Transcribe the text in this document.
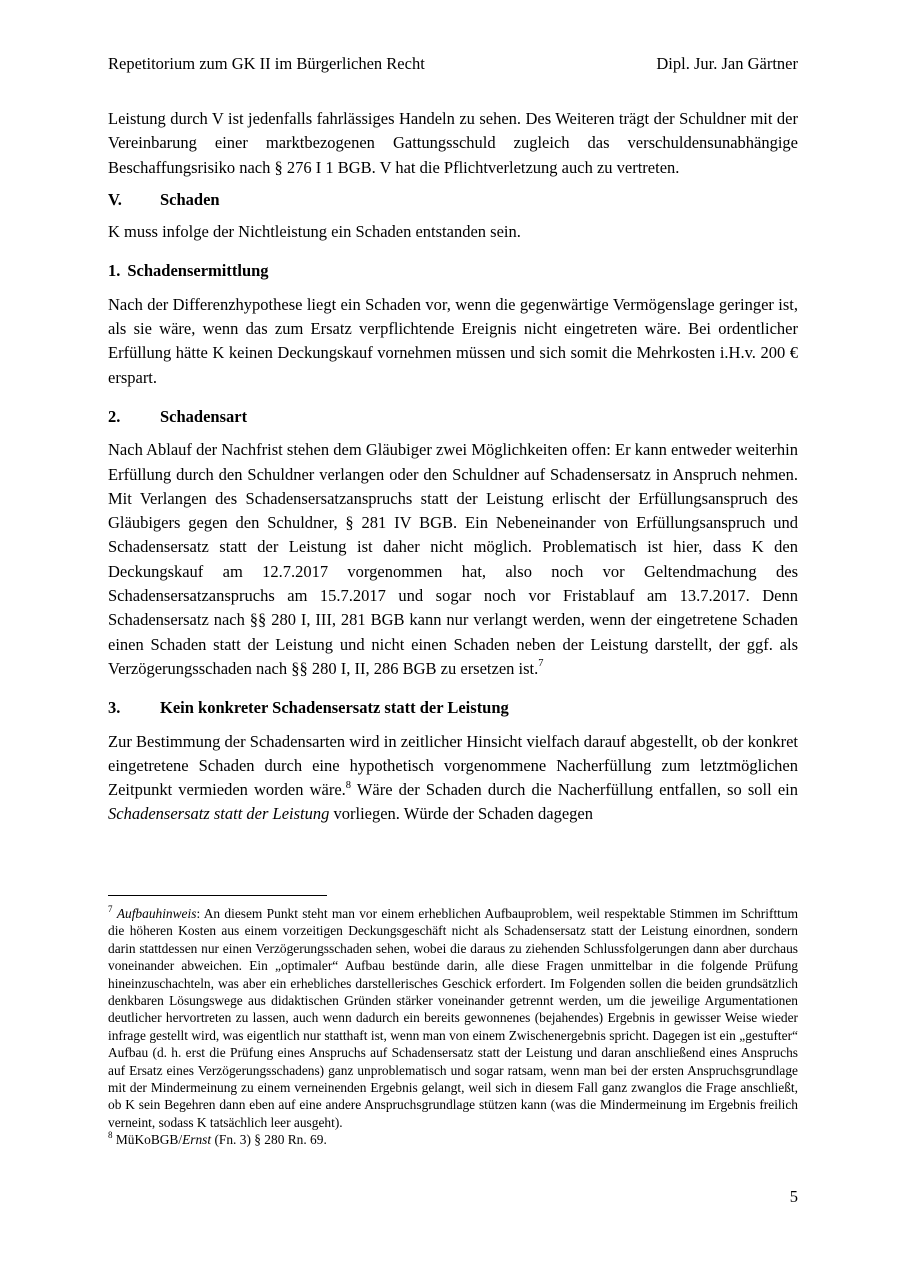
Repetitorium zum GK II im Bürgerlichen Recht	Dipl. Jur. Jan Gärtner

Leistung durch V ist jedenfalls fahrlässiges Handeln zu sehen. Des Weiteren trägt der Schuldner mit der Vereinbarung einer marktbezogenen Gattungsschuld zugleich das verschuldensunabhängige Beschaffungsrisiko nach § 276 I 1 BGB. V hat die Pflichtverletzung auch zu vertreten.

V.	Schaden

K muss infolge der Nichtleistung ein Schaden entstanden sein.

1. Schadensermittlung

Nach der Differenzhypothese liegt ein Schaden vor, wenn die gegenwärtige Vermögenslage geringer ist, als sie wäre, wenn das zum Ersatz verpflichtende Ereignis nicht eingetreten wäre. Bei ordentlicher Erfüllung hätte K keinen Deckungskauf vornehmen müssen und sich somit die Mehrkosten i.H.v. 200 € erspart.

2.	Schadensart

Nach Ablauf der Nachfrist stehen dem Gläubiger zwei Möglichkeiten offen: Er kann entweder weiterhin Erfüllung durch den Schuldner verlangen oder den Schuldner auf Schadensersatz in Anspruch nehmen. Mit Verlangen des Schadensersatzanspruchs statt der Leistung erlischt der Erfüllungsanspruch des Gläubigers gegen den Schuldner, § 281 IV BGB. Ein Nebeneinander von Erfüllungsanspruch und Schadensersatz statt der Leistung ist daher nicht möglich. Problematisch ist hier, dass K den Deckungskauf am 12.7.2017 vorgenommen hat, also noch vor Geltendmachung des Schadensersatzanspruchs am 15.7.2017 und sogar noch vor Fristablauf am 13.7.2017. Denn Schadensersatz nach §§ 280 I, III, 281 BGB kann nur verlangt werden, wenn der eingetretene Schaden einen Schaden statt der Leistung und nicht einen Schaden neben der Leistung darstellt, der ggf. als Verzögerungsschaden nach §§ 280 I, II, 286 BGB zu ersetzen ist.$^7$

3.	Kein konkreter Schadensersatz statt der Leistung

Zur Bestimmung der Schadensarten wird in zeitlicher Hinsicht vielfach darauf abgestellt, ob der konkret eingetretene Schaden durch eine hypothetisch vorgenommene Nacherfüllung zum letztmöglichen Zeitpunkt vermieden worden wäre.$^8$ Wäre der Schaden durch die Nacherfüllung entfallen, so soll ein Schadensersatz statt der Leistung vorliegen. Würde der Schaden dagegen

$^7$ Aufbauhinweis: An diesem Punkt steht man vor einem erheblichen Aufbauproblem, weil respektable Stimmen im Schrifttum die höheren Kosten aus einem vorzeitigen Deckungsgeschäft nicht als Schadensersatz statt der Leistung einordnen, sondern darin stattdessen nur einen Verzögerungsschaden sehen, wobei die daraus zu ziehenden Schlussfolgerungen dann aber durchaus voneinander abweichen. Ein „optimaler“ Aufbau bestünde darin, alle diese Fragen unmittelbar in die folgende Prüfung hineinzuschachteln, was aber ein erhebliches darstellerisches Geschick erfordert. Im Folgenden sollen die beiden grundsätzlich denkbaren Lösungswege aus didaktischen Gründen stärker voneinander getrennt werden, um die jeweilige Argumentationen deutlicher hervortreten zu lassen, auch wenn dadurch ein bereits gewonnenes (bejahendes) Ergebnis in gewisser Weise wieder infrage gestellt wird, was eigentlich nur statthaft ist, wenn man von einem Zwischenergebnis spricht. Dagegen ist ein „gestufter“ Aufbau (d. h. erst die Prüfung eines Anspruchs auf Schadensersatz statt der Leistung und daran anschließend eines Anspruchs auf Ersatz eines Verzögerungsschadens) ganz unproblematisch und sogar ratsam, wenn man bei der ersten Anspruchsgrundlage mit der Mindermeinung zu einem verneinenden Ergebnis gelangt, weil sich in diesem Fall ganz zwanglos die Frage anschließt, ob K sein Begehren dann eben auf eine andere Anspruchsgrundlage stützen kann (was die Mindermeinung im Ergebnis freilich verneint, sodass K tatsächlich leer ausgeht).

$^8$ MüKoBGB/Ernst (Fn. 3) § 280 Rn. 69.

5
